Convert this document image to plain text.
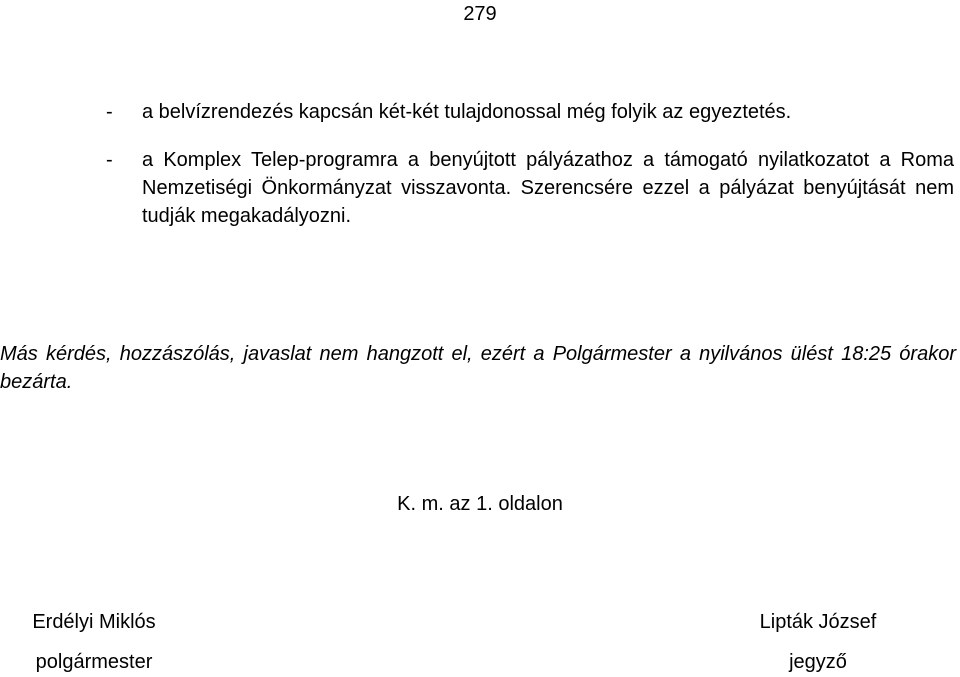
279
- a belvízrendezés kapcsán két-két tulajdonossal még folyik az egyeztetés.
- a Komplex Telep-programra a benyújtott pályázathoz a támogató nyilatkozatot a Roma Nemzetiségi Önkormányzat visszavonta. Szerencsére ezzel a pályázat benyújtását nem tudják megakadályozni.
Más kérdés, hozzászólás, javaslat nem hangzott el, ezért a Polgármester a nyilvános ülést 18:25 órakor bezárta.
K. m. az 1. oldalon
Erdélyi Miklós
polgármester
Lipták József
jegyző
